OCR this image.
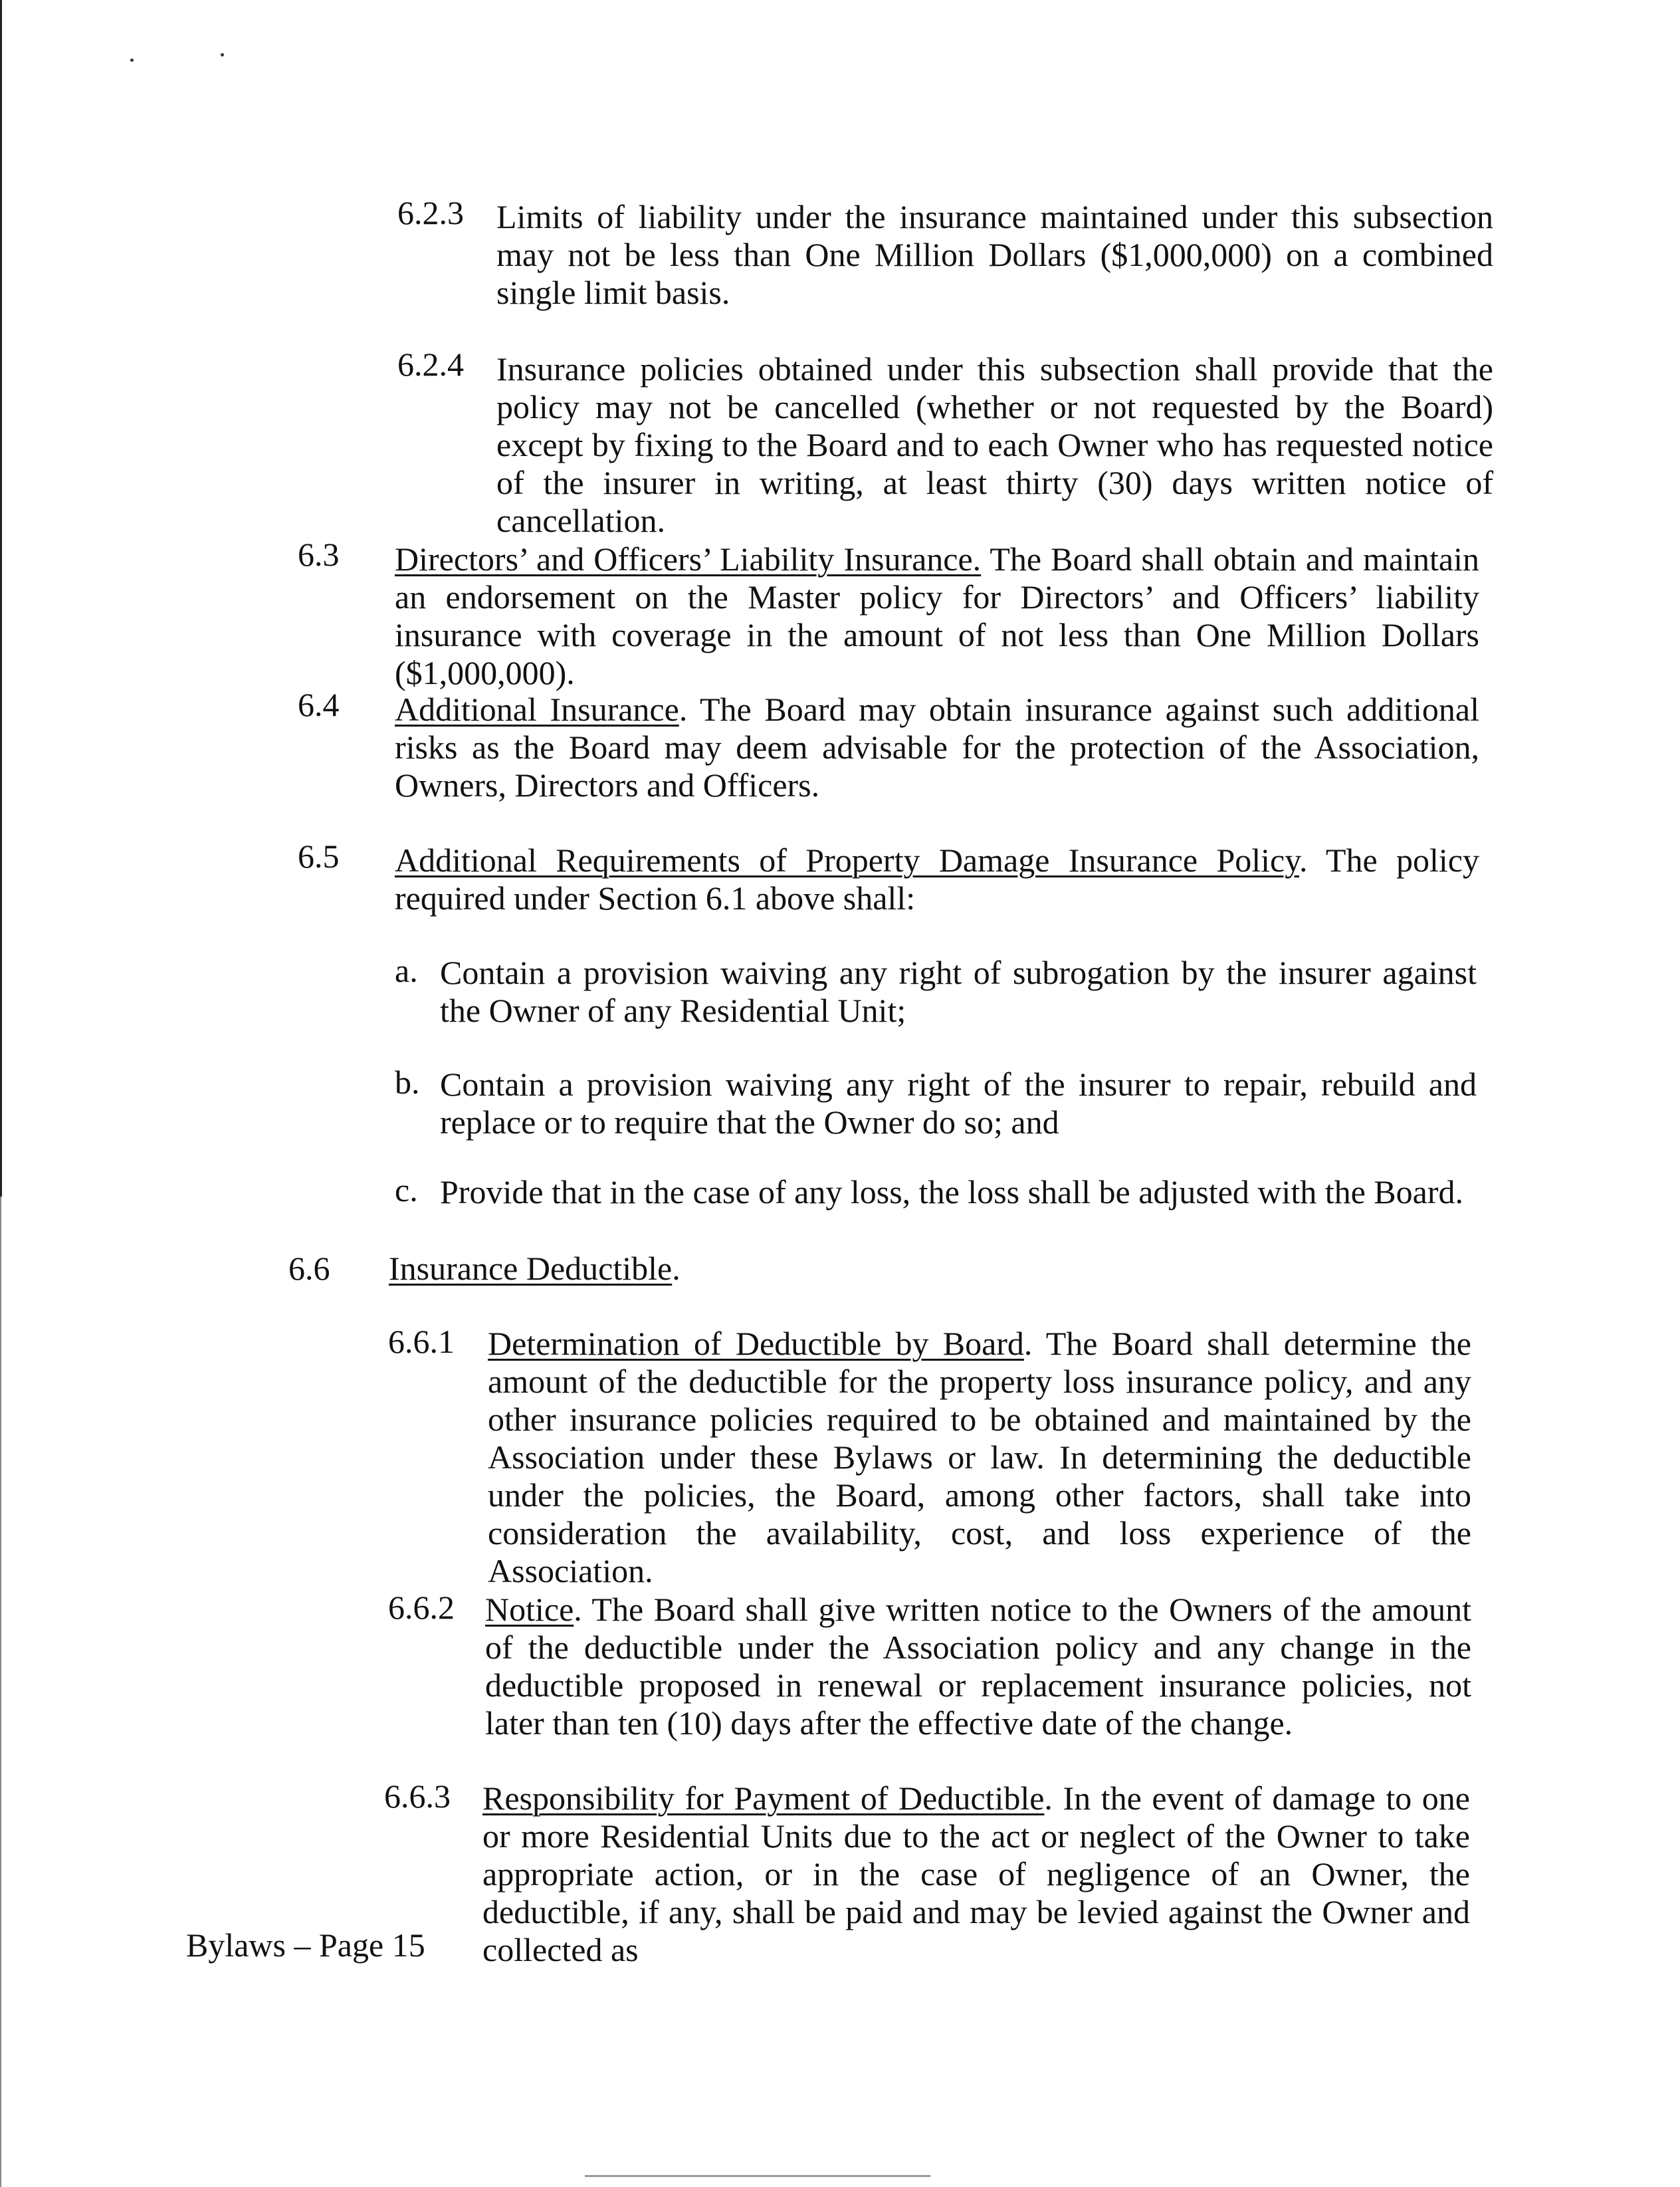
6.2.3 Limits of liability under the insurance maintained under this subsection may not be less than One Million Dollars ($1,000,000) on a combined single limit basis.
6.2.4 Insurance policies obtained under this subsection shall provide that the policy may not be cancelled (whether or not requested by the Board) except by fixing to the Board and to each Owner who has requested notice of the insurer in writing, at least thirty (30) days written notice of cancellation.
6.3 Directors’ and Officers’ Liability Insurance. The Board shall obtain and maintain an endorsement on the Master policy for Directors’ and Officers’ liability insurance with coverage in the amount of not less than One Million Dollars ($1,000,000).
6.4 Additional Insurance. The Board may obtain insurance against such additional risks as the Board may deem advisable for the protection of the Association, Owners, Directors and Officers.
6.5 Additional Requirements of Property Damage Insurance Policy. The policy required under Section 6.1 above shall:
a. Contain a provision waiving any right of subrogation by the insurer against the Owner of any Residential Unit;
b. Contain a provision waiving any right of the insurer to repair, rebuild and replace or to require that the Owner do so; and
c. Provide that in the case of any loss, the loss shall be adjusted with the Board.
6.6 Insurance Deductible.
6.6.1 Determination of Deductible by Board. The Board shall determine the amount of the deductible for the property loss insurance policy, and any other insurance policies required to be obtained and maintained by the Association under these Bylaws or law. In determining the deductible under the policies, the Board, among other factors, shall take into consideration the availability, cost, and loss experience of the Association.
6.6.2 Notice. The Board shall give written notice to the Owners of the amount of the deductible under the Association policy and any change in the deductible proposed in renewal or replacement insurance policies, not later than ten (10) days after the effective date of the change.
6.6.3 Responsibility for Payment of Deductible. In the event of damage to one or more Residential Units due to the act or neglect of the Owner to take appropriate action, or in the case of negligence of an Owner, the deductible, if any, shall be paid and may be levied against the Owner and collected as
Bylaws – Page 15
